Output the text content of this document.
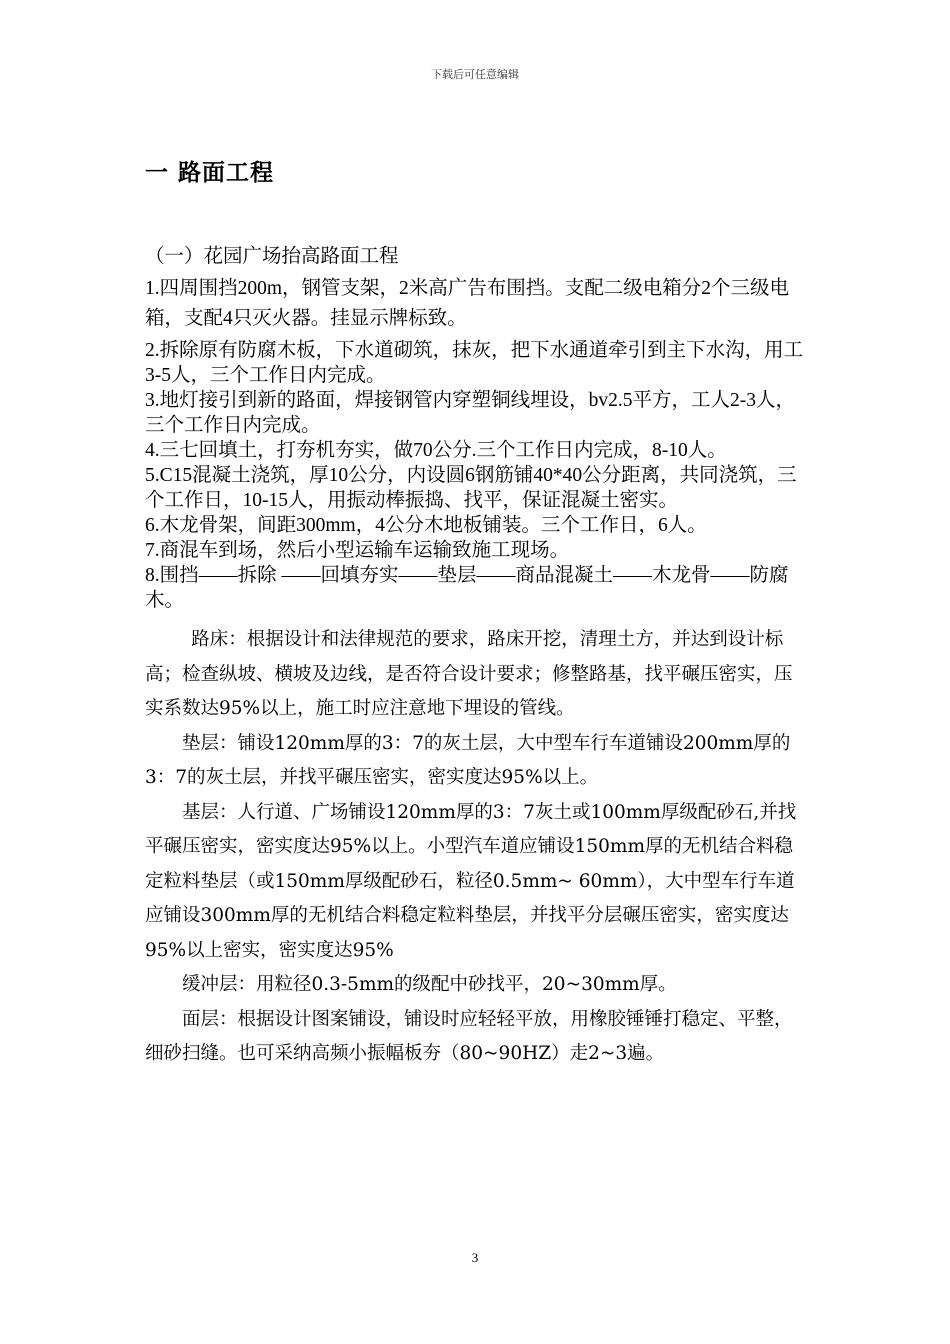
下载后可任意编辑
一 路面工程
（一）花园广场抬高路面工程

1.四周围挡200m，钢管支架，2米高广告布围挡。支配二级电箱分2个三级电箱，支配4只灭火器。挂显示牌标致。

2.拆除原有防腐木板，下水道砌筑，抹灰，把下水通道牵引到主下水沟，用工3-5人，三个工作日内完成。

3.地灯接引到新的路面，焊接钢管内穿塑铜线埋设，bv2.5平方，工人2-3人，三个工作日内完成。

4.三七回填土，打夯机夯实，做70公分.三个工作日内完成，8-10人。

5.C15混凝土浇筑，厚10公分，内设圆6钢筋铺40*40公分距离，共同浇筑，三个工作日，10-15人，用振动棒振捣、找平，保证混凝土密实。

6.木龙骨架，间距300mm，4公分木地板铺装。三个工作日，6人。

7.商混车到场，然后小型运输车运输致施工现场。

8.围挡——拆除 ——回填夯实——垫层——商品混凝土——木龙骨——防腐木。

路床：根据设计和法律规范的要求，路床开挖，清理土方，并达到设计标高；检查纵坡、横坡及边线，是否符合设计要求；修整路基，找平碾压密实，压实系数达95%以上，施工时应注意地下埋设的管线。

垫层：铺设120mm厚的3：7的灰土层，大中型车行车道铺设200mm厚的3：7的灰土层，并找平碾压密实，密实度达95%以上。

基层：人行道、广场铺设120mm厚的3：7灰土或100mm厚级配砂石,并找平碾压密实，密实度达95%以上。小型汽车道应铺设150mm厚的无机结合料稳定粒料垫层（或150mm厚级配砂石，粒径0.5mm~ 60mm），大中型车行车道应铺设300mm厚的无机结合料稳定粒料垫层，并找平分层碾压密实，密实度达95%以上密实，密实度达95%

缓冲层：用粒径0.3-5mm的级配中砂找平，20~30mm厚。

面层：根据设计图案铺设，铺设时应轻轻平放，用橡胶锤锤打稳定、平整，细砂扫缝。也可采纳高频小振幅板夯（80~90HZ）走2~3遍。

3
